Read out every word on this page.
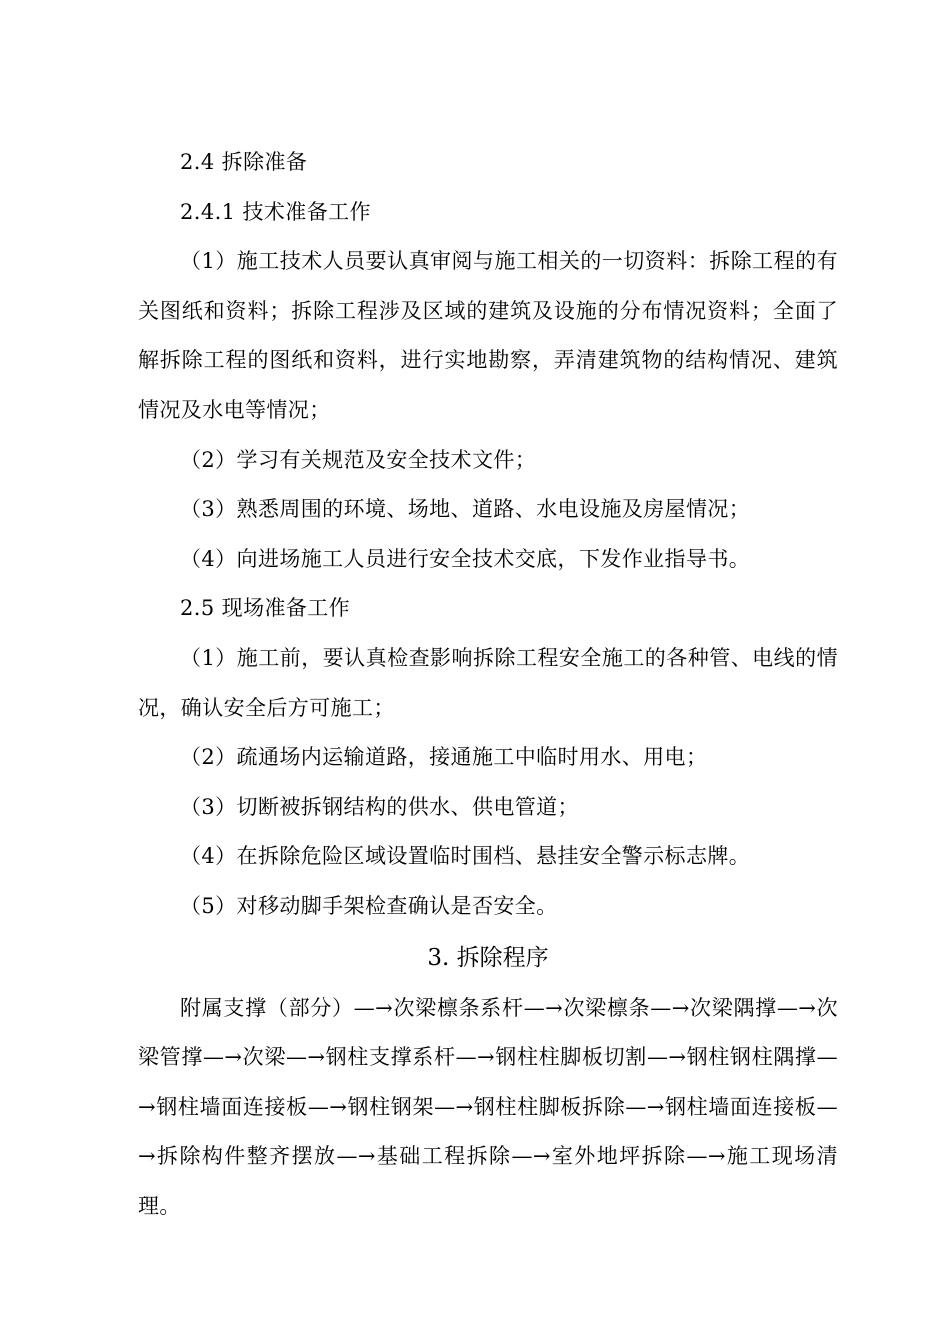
2.4 拆除准备

2.4.1 技术准备工作

（1）施工技术人员要认真审阅与施工相关的一切资料：拆除工程的有关图纸和资料；拆除工程涉及区域的建筑及设施的分布情况资料；全面了解拆除工程的图纸和资料，进行实地勘察，弄清建筑物的结构情况、建筑情况及水电等情况；

（2）学习有关规范及安全技术文件；

（3）熟悉周围的环境、场地、道路、水电设施及房屋情况；

（4）向进场施工人员进行安全技术交底，下发作业指导书。

2.5 现场准备工作

（1）施工前，要认真检查影响拆除工程安全施工的各种管、电线的情况，确认安全后方可施工；

（2）疏通场内运输道路，接通施工中临时用水、用电；

（3）切断被拆钢结构的供水、供电管道；

（4）在拆除危险区域设置临时围档、悬挂安全警示标志牌。

（5）对移动脚手架检查确认是否安全。

3. 拆除程序

附属支撑（部分）—→次梁檩条系杆—→次梁檩条—→次梁隅撑—→次梁管撑—→次梁—→钢柱支撑系杆—→钢柱柱脚板切割—→钢柱钢柱隅撑—→钢柱墙面连接板—→钢柱钢架—→钢柱柱脚板拆除—→钢柱墙面连接板—→拆除构件整齐摆放—→基础工程拆除—→室外地坪拆除—→施工现场清理。
